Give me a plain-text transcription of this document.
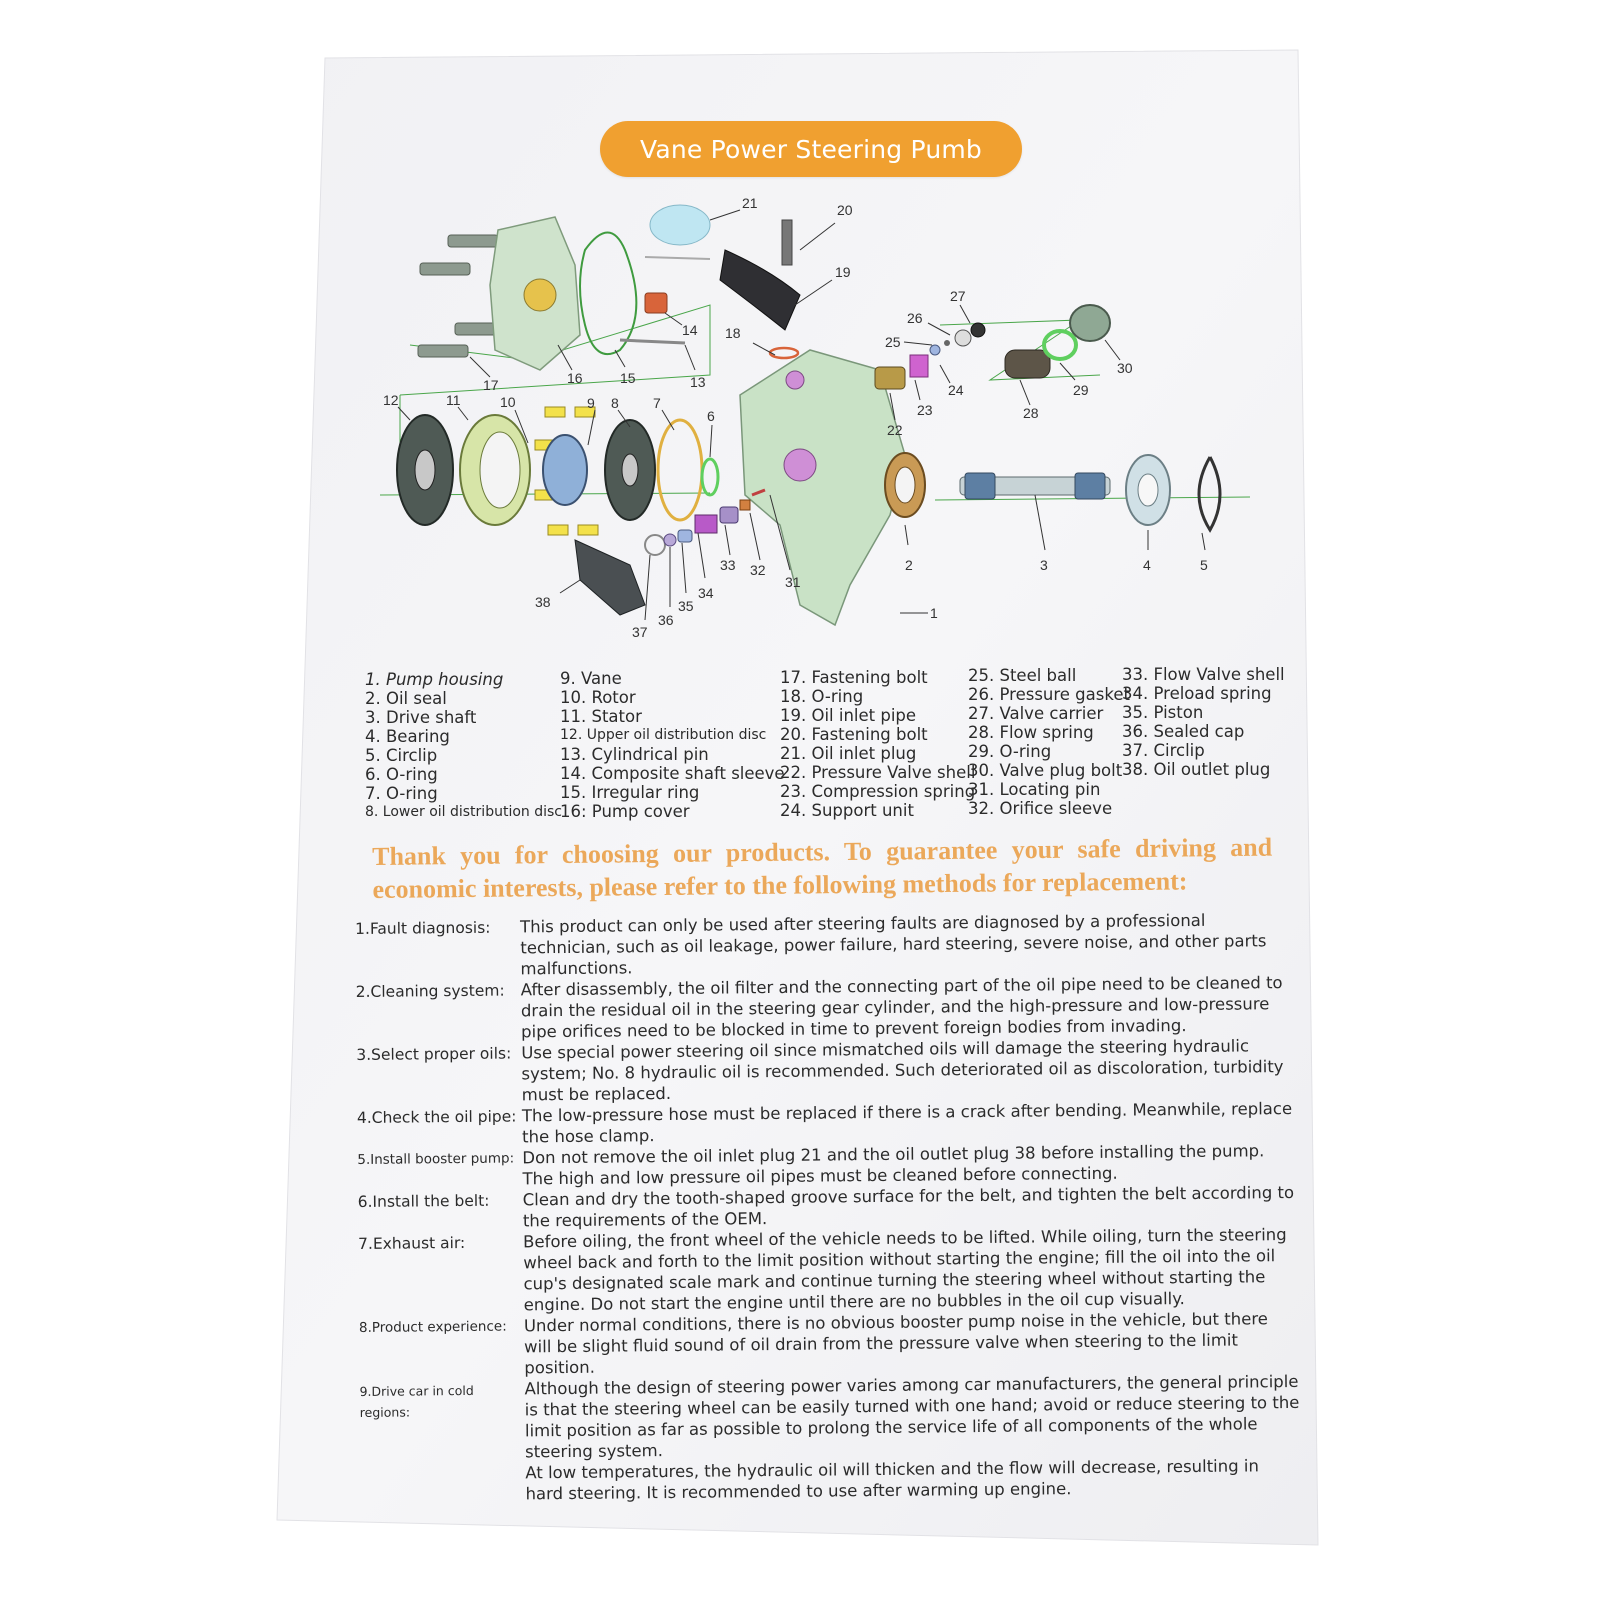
Vane Power Steering Pumb
21	20
19
18
27
26
25
24
23
22
30
29
28
17	16	15
14
13
12	11	10	9 8 7
6
33 32
31
2	3	4	5
38
37
36
35
34
1
1. Pump housing
2. Oil seal
3. Drive shaft
4. Bearing
5. Circlip
6. O-ring
7. O-ring
8. Lower oil distribution disc
9. Vane
10. Rotor
11. Stator
12. Upper oil distribution disc
13. Cylindrical pin
14. Composite shaft sleeve
15. Irregular ring
16: Pump cover
17. Fastening bolt
18. O-ring
19. Oil inlet pipe
20. Fastening bolt
21. Oil inlet plug
22. Pressure Valve shell
23. Compression spring
24. Support unit
25. Steel ball
26. Pressure gasket
27. Valve carrier
28. Flow spring
29. O-ring
30. Valve plug bolt
31. Locating pin
32. Orifice sleeve
33. Flow Valve shell
34. Preload spring
35. Piston
36. Sealed cap
37. Circlip
38. Oil outlet plug
Thank you for choosing our products. To guarantee your safe driving and
economic interests, please refer to the following methods for replacement:
1.Fault diagnosis:	This product can only be used after steering faults are diagnosed by a professional technician, such as oil leakage, power failure, hard steering, severe noise, and other parts malfunctions.

2.Cleaning system: After disassembly, the oil filter and the connecting part of the oil pipe need to be cleaned to drain the residual oil in the steering gear cylinder, and the high-pressure and low-pressure pipe orifices need to be blocked in time to prevent foreign bodies from invading.

3.Select proper oils: Use special power steering oil since mismatched oils will damage the steering hydraulic system; No. 8 hydraulic oil is recommended. Such deteriorated oil as discoloration, turbidity must be replaced.

4.Check the oil pipe: The low-pressure hose must be replaced if there is a crack after bending. Meanwhile, replace the hose clamp.

5.Install booster pump: Don not remove the oil inlet plug 21 and the oil outlet plug 38 before installing the pump. The high and low pressure oil pipes must be cleaned before connecting.

6.Install the belt:	Clean and dry the tooth-shaped groove surface for the belt, and tighten the belt according to the requirements of the OEM.

7.Exhaust air:	Before oiling, the front wheel of the vehicle needs to be lifted. While oiling, turn the steering wheel back and forth to the limit position without starting the engine; fill the oil into the oil cup's designated scale mark and continue turning the steering wheel without starting the engine. Do not start the engine until there are no bubbles in the oil cup visually.

8.Product experience:	Under normal conditions, there is no obvious booster pump noise in the vehicle, but there will be slight fluid sound of oil drain from the pressure valve when steering to the limit position.

9.Drive car in cold regions:

Although the design of steering power varies among car manufacturers, the general principle is that the steering wheel can be easily turned with one hand; avoid or reduce steering to the limit position as far as possible to prolong the service life of all components of the whole steering system.

At low temperatures, the hydraulic oil will thicken and the flow will decrease, resulting in hard steering. It is recommended to use after warming up engine.
